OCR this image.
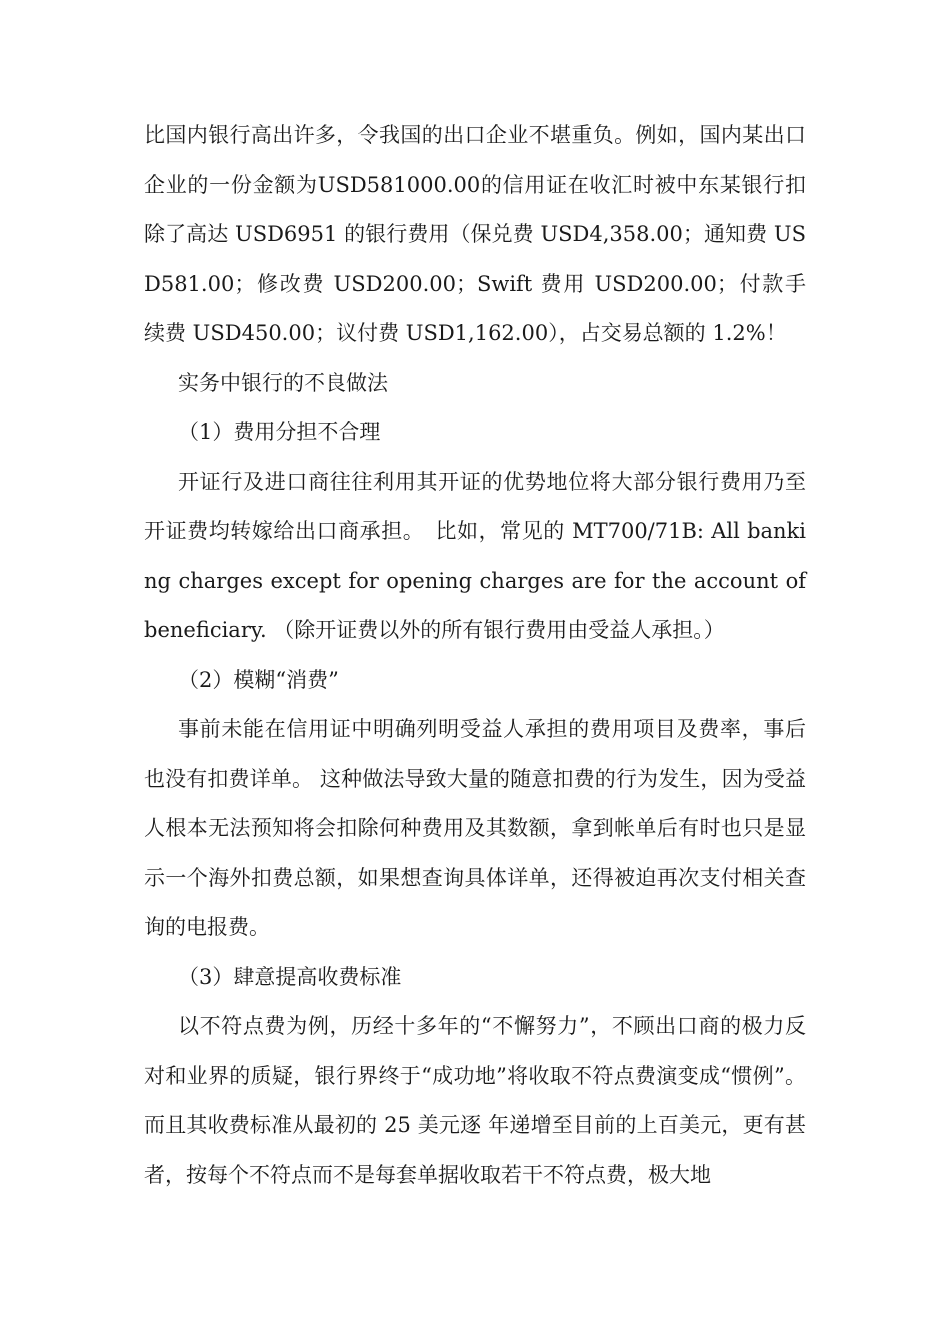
比国内银行高出许多，令我国的出口企业不堪重负。例如，国内某出口企业的一份金额为USD581000.00的信用证在收汇时被中东某银行扣除了高达 USD6951 的银行费用（保兑费 USD4,358.00；通知费 USD581.00；修改费 USD200.00；Swift 费用 USD200.00；付款手续费 USD450.00；议付费 USD1,162.00），占交易总额的 1.2%！

实务中银行的不良做法

（1）费用分担不合理

开证行及进口商往往利用其开证的优势地位将大部分银行费用乃至开证费均转嫁给出口商承担。　比如，常见的 MT700/71B: All banking charges except for opening charges are for the account of beneficiary. （除开证费以外的所有银行费用由受益人承担。）

（2）模糊“消费”

事前未能在信用证中明确列明受益人承担的费用项目及费率，事后也没有扣费详单。 这种做法导致大量的随意扣费的行为发生，因为受益人根本无法预知将会扣除何种费用及其数额，拿到帐单后有时也只是显示一个海外扣费总额，如果想查询具体详单，还得被迫再次支付相关查询的电报费。

（3）肆意提高收费标准

以不符点费为例，历经十多年的“不懈努力”，不顾出口商的极力反对和业界的质疑，银行界终于“成功地”将收取不符点费演变成“惯例”。而且其收费标准从最初的 25 美元逐 年递增至目前的上百美元，更有甚者，按每个不符点而不是每套单据收取若干不符点费，极大地
